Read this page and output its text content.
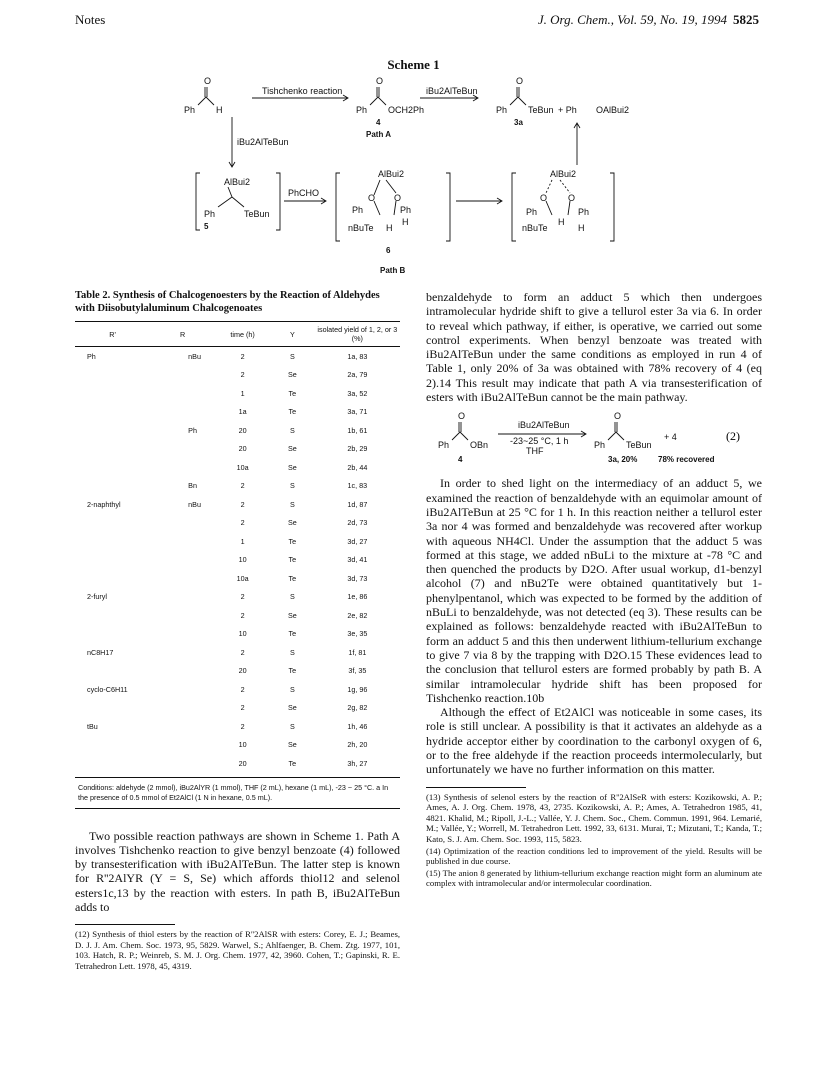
Notes	J. Org. Chem., Vol. 59, No. 19, 1994 5825
Scheme 1
O
Ph H
Tishchenko reaction
O
Ph OCH2Ph
4
Path A
iBu2AlTeBun
O
Ph TeBun + Ph OAlBui2
3a
iBu2AlTeBun
AlBui2
Ph	TeBun
5
PhCHO
AlBui2
O O
Ph
Ph
nBuTe H
H
6
Path B
AlBui2
O O
Ph
Ph
nBuTe
H
H
Table 2. Synthesis of Chalcogenoesters by the Reaction of Aldehydes with Diisobutylaluminum Chalcogenoates
R'	R	time (h)	Y	isolated yield of 1, 2, or 3 (%)
Ph	nBu	2	S	1a, 83
		2	Se	2a, 79
		1	Te	3a, 52
		1a	Te	3a, 71
	Ph	20	S	1b, 61
		20	Se	2b, 29
		10a	Se	2b, 44
	Bn	2	S	1c, 83
2-naphthyl	nBu	2	S	1d, 87
		2	Se	2d, 73
		1	Te	3d, 27
		10	Te	3d, 41
		10a	Te	3d, 73
2-furyl		2	S	1e, 86
		2	Se	2e, 82
		10	Te	3e, 35
nC8H17		2	S	1f, 81
		20	Te	3f, 35
cyclo-C6H11		2	S	1g, 96
		2	Se	2g, 82
tBu		2	S	1h, 46
		10	Se	2h, 20
		20	Te	3h, 27
Conditions: aldehyde (2 mmol), iBu2AlYR (1 mmol), THF (2 mL), hexane (1 mL), -23 ~ 25 °C. a In the presence of 0.5 mmol of Et2AlCl (1 N in hexane, 0.5 mL).

Two possible reaction pathways are shown in Scheme 1. Path A involves Tishchenko reaction to give benzyl benzoate (4) followed by transesterification with iBu2AlTeBun. The latter step is known for R''2AlYR (Y = S, Se) which affords thiol12 and selenol esters1c,13 by the reaction with esters. In path B, iBu2AlTeBun adds to

(12) Synthesis of thiol esters by the reaction of R''2AlSR with esters: Corey, E. J.; Beames, D. J. J. Am. Chem. Soc. 1973, 95, 5829. Warwel, S.; Ahlfaenger, B. Chem. Ztg. 1977, 101, 103. Hatch, R. P.; Weinreb, S. M. J. Org. Chem. 1977, 42, 3960. Cohen, T.; Gapinski, R. E. Tetrahedron Lett. 1978, 45, 4319.

benzaldehyde to form an adduct 5 which then undergoes intramolecular hydride shift to give a tellurol ester 3a via 6. In order to reveal which pathway, if either, is operative, we carried out some control experiments. When benzyl benzoate was treated with iBu2AlTeBun under the same conditions as employed in run 4 of Table 1, only 20% of 3a was obtained with 78% recovery of 4 (eq 2).14 This result may indicate that path A via transesterification of esters with iBu2AlTeBun cannot be the main pathway.

O
Ph OBn
4
iBu2AlTeBun
-23~25 °C, 1 h
THF
O
Ph TeBun
+ 4
3a, 20%	78% recovered
(2)

In order to shed light on the intermediacy of an adduct 5, we examined the reaction of benzaldehyde with an equimolar amount of iBu2AlTeBun at 25 °C for 1 h. In this reaction neither a tellurol ester 3a nor 4 was formed and benzaldehyde was recovered after workup with aqueous NH4Cl. Under the assumption that the adduct 5 was formed at this stage, we added nBuLi to the mixture at -78 °C and then quenched the products by D2O. After usual workup, d1-benzyl alcohol (7) and nBu2Te were obtained quantitatively but 1-phenylpentanol, which was expected to be formed by the addition of nBuLi to benzaldehyde, was not detected (eq 3). These results can be explained as follows: benzaldehyde reacted with iBu2AlTeBun to form an adduct 5 and this then underwent lithium-tellurium exchange to give 7 via 8 by the trapping with D2O.15 These evidences lead to the conclusion that tellurol esters are formed probably by path B. A similar intramolecular hydride shift has been proposed for Tishchenko reaction.10b

Although the effect of Et2AlCl was noticeable in some cases, its role is still unclear. A possibility is that it activates an aldehyde as a hydride acceptor either by coordination to the carbonyl oxygen of 6, or to the free aldehyde if the reaction proceeds intermolecularly, but unfortunately we have no further information on this matter.

(13) Synthesis of selenol esters by the reaction of R''2AlSeR with esters: Kozikowski, A. P.; Ames, A. J. Org. Chem. 1978, 43, 2735. Kozikowski, A. P.; Ames, A. Tetrahedron 1985, 41, 4821. Khalid, M.; Ripoll, J.-L.; Vallée, Y. J. Chem. Soc., Chem. Commun. 1991, 964. Lemarié, M.; Vallée, Y.; Worrell, M. Tetrahedron Lett. 1992, 33, 6131. Murai, T.; Mizutani, T.; Kanda, T.; Kato, S. J. Am. Chem. Soc. 1993, 115, 5823.

(14) Optimization of the reaction conditions led to improvement of the yield. Results will be published in due course.

(15) The anion 8 generated by lithium-tellurium exchange reaction might form an aluminum ate complex with intramolecular and/or intermolecular coordination.
